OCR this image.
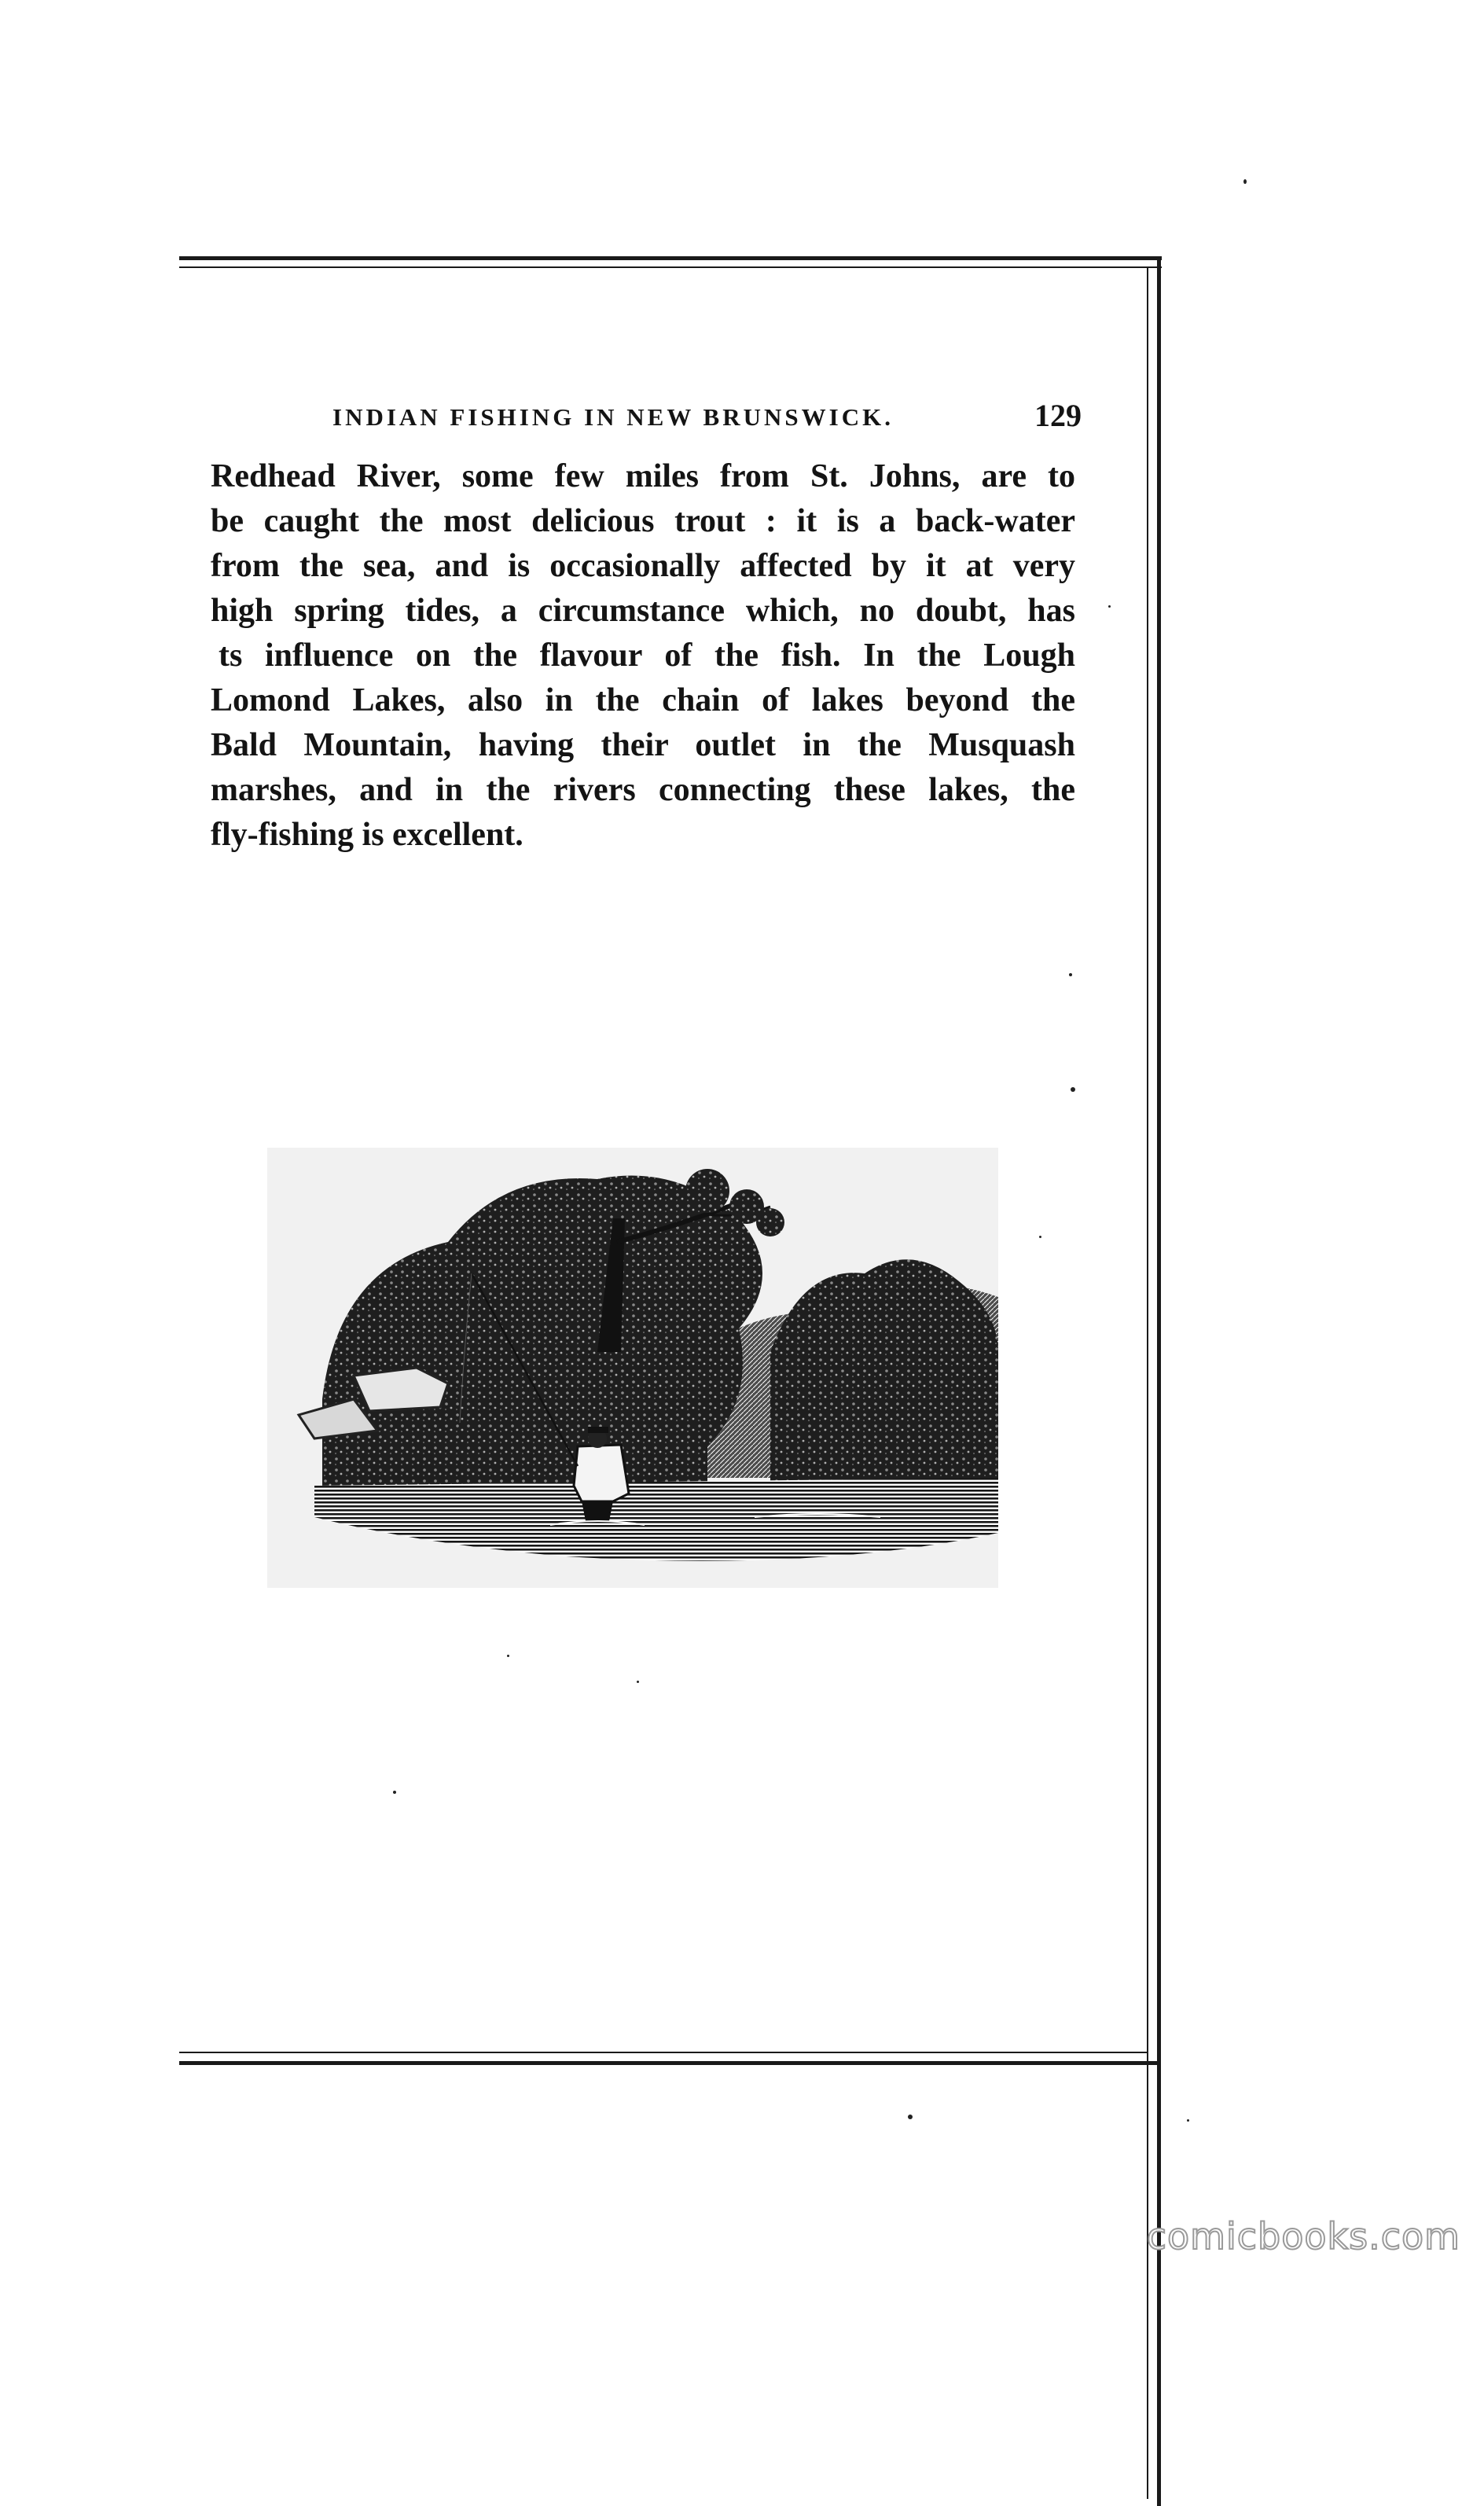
INDIAN FISHING IN NEW BRUNSWICK.	129
Redhead River, some few miles from St. Johns, are to
be caught the most delicious trout : it is a back-water
from the sea, and is occasionally affected by it at very
high spring tides, a circumstance which, no doubt, has
ts influence on the flavour of the fish. In the Lough
Lomond Lakes, also in the chain of lakes beyond the
Bald Mountain, having their outlet in the Musquash
marshes, and in the rivers connecting these lakes, the
fly-fishing is excellent.
comicbooks.com
